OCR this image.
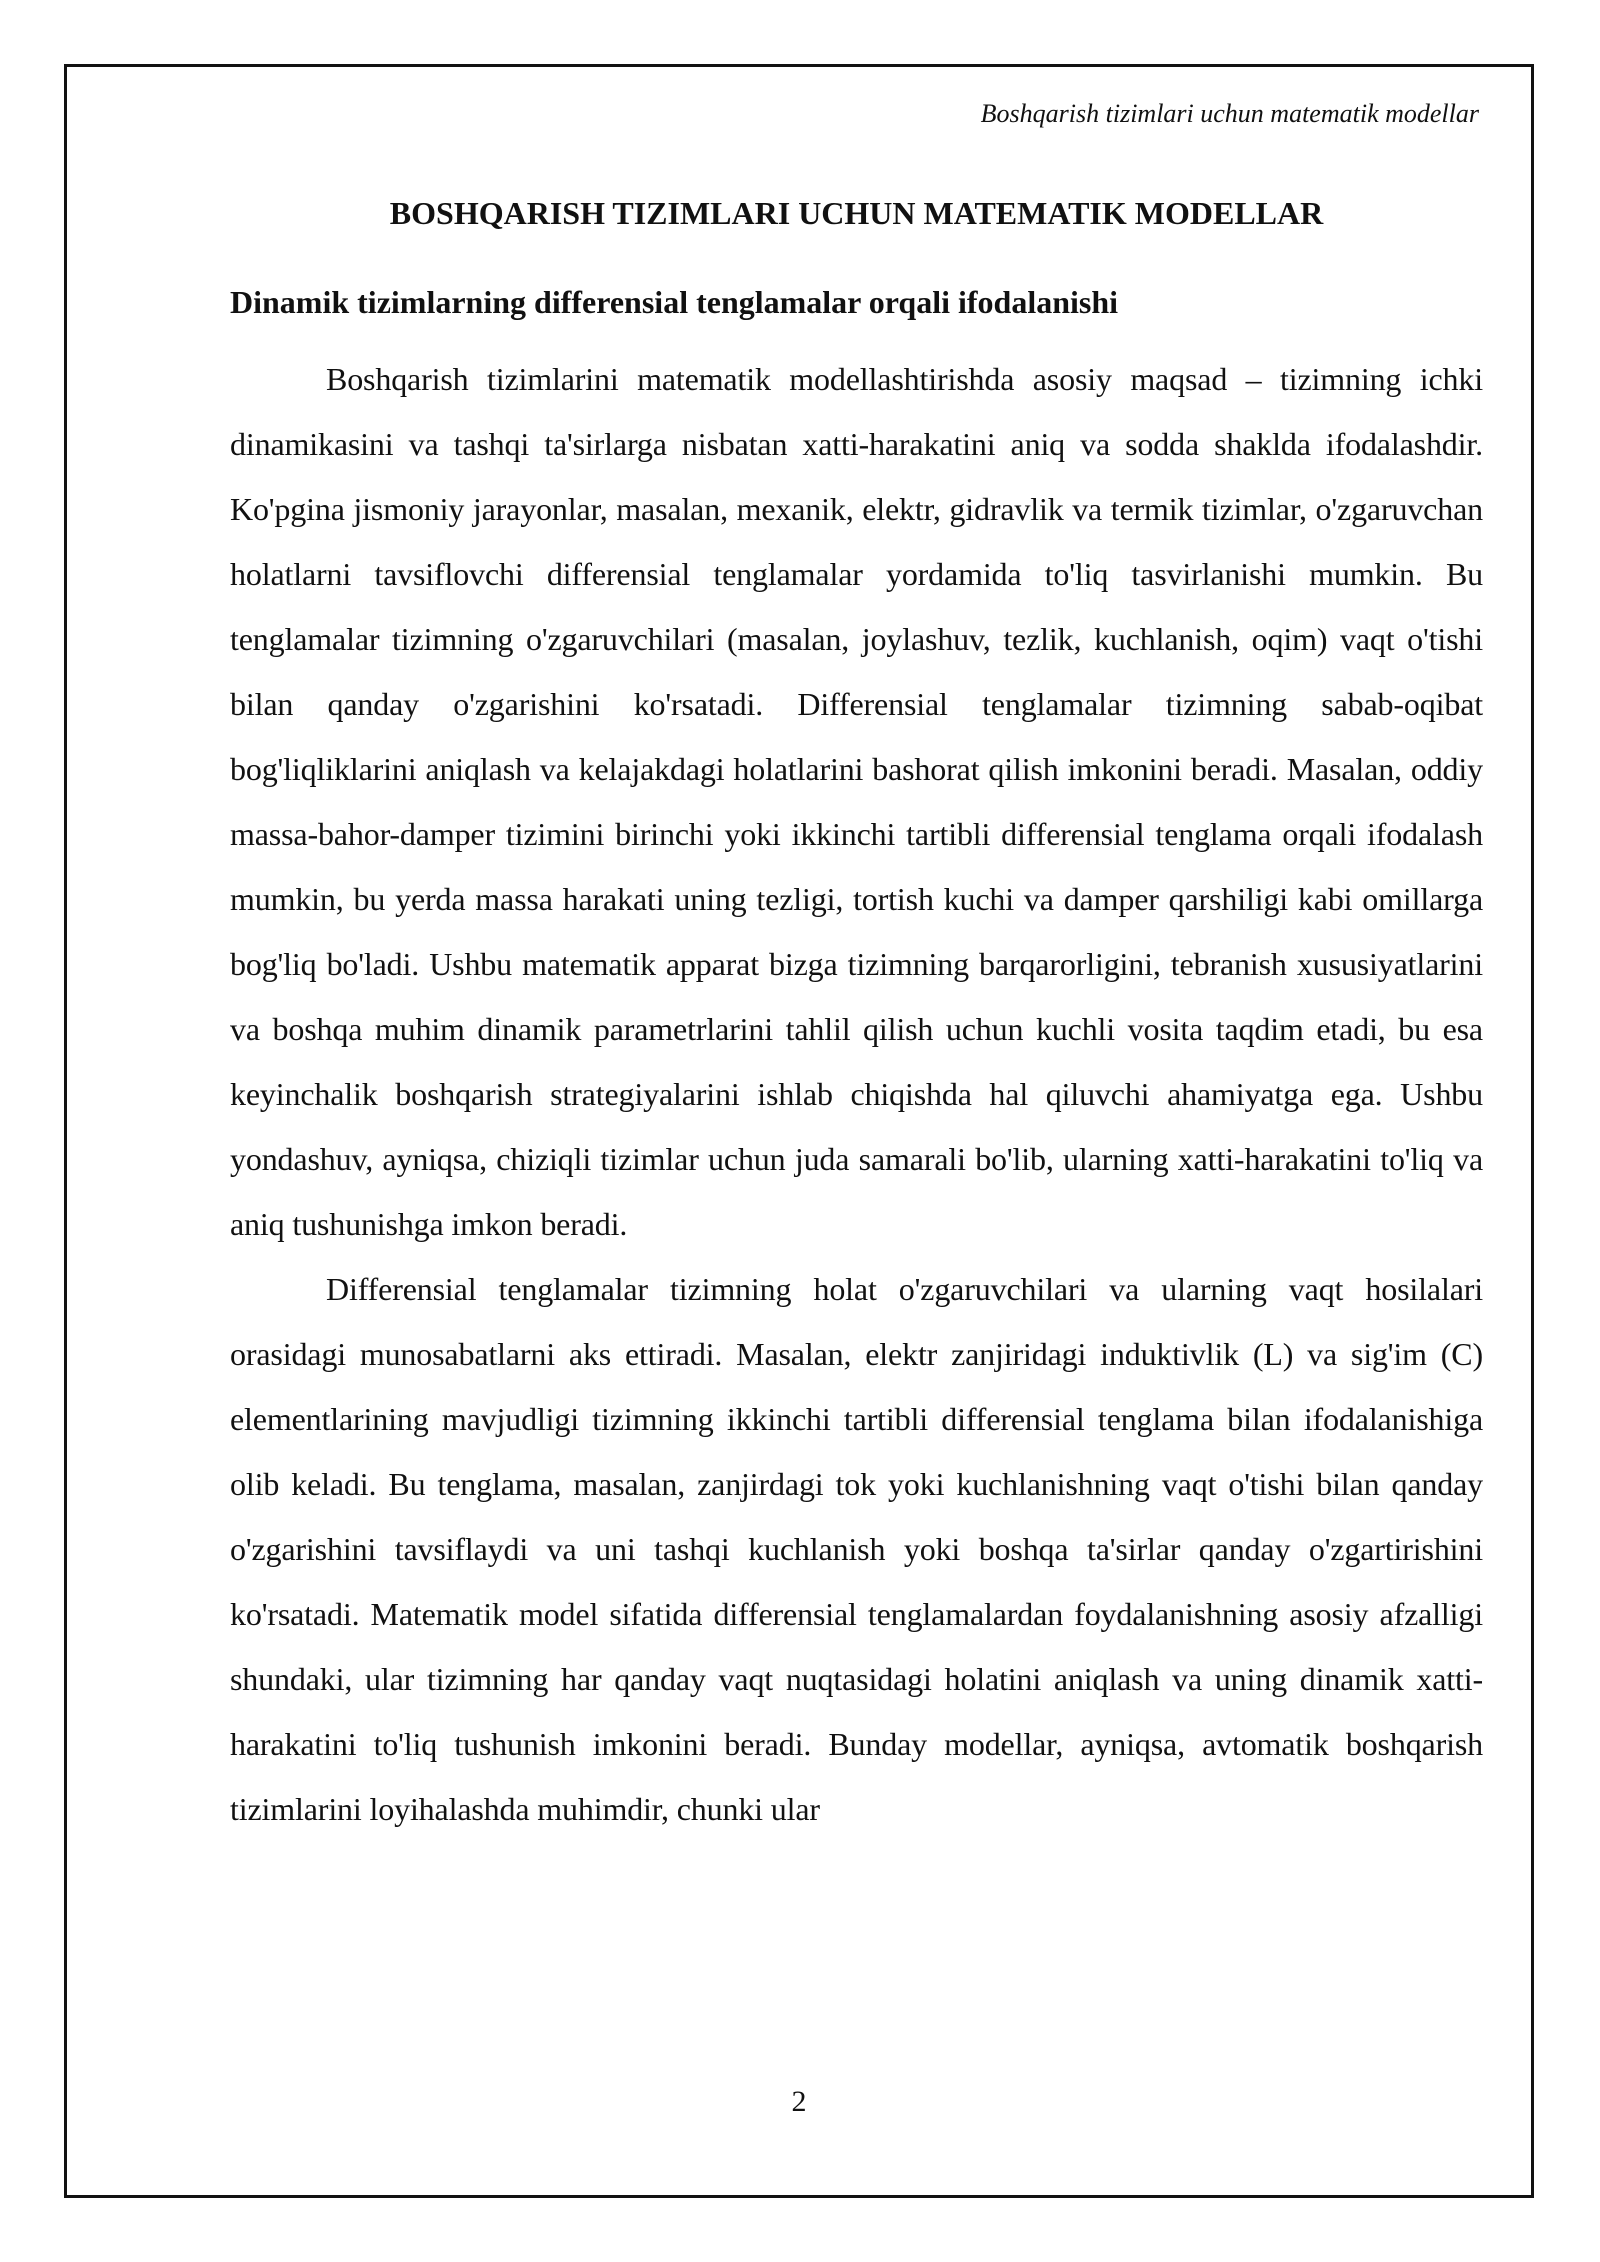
Boshqarish tizimlari uchun matematik modellar
BOSHQARISH TIZIMLARI UCHUN MATEMATIK MODELLAR
Dinamik tizimlarning differensial tenglamalar orqali ifodalanishi

Boshqarish tizimlarini matematik modellashtirishda asosiy maqsad – tizimning ichki dinamikasini va tashqi ta'sirlarga nisbatan xatti-harakatini aniq va sodda shaklda ifodalashdir. Ko'pgina jismoniy jarayonlar, masalan, mexanik, elektr, gidravlik va termik tizimlar, o'zgaruvchan holatlarni tavsiflovchi differensial tenglamalar yordamida to'liq tasvirlanishi mumkin. Bu tenglamalar tizimning o'zgaruvchilari (masalan, joylashuv, tezlik, kuchlanish, oqim) vaqt o'tishi bilan qanday o'zgarishini ko'rsatadi. Differensial tenglamalar tizimning sabab-oqibat bog'liqliklarini aniqlash va kelajakdagi holatlarini bashorat qilish imkonini beradi. Masalan, oddiy massa-bahor-damper tizimini birinchi yoki ikkinchi tartibli differensial tenglama orqali ifodalash mumkin, bu yerda massa harakati uning tezligi, tortish kuchi va damper qarshiligi kabi omillarga bog'liq bo'ladi. Ushbu matematik apparat bizga tizimning barqarorligini, tebranish xususiyatlarini va boshqa muhim dinamik parametrlarini tahlil qilish uchun kuchli vosita taqdim etadi, bu esa keyinchalik boshqarish strategiyalarini ishlab chiqishda hal qiluvchi ahamiyatga ega. Ushbu yondashuv, ayniqsa, chiziqli tizimlar uchun juda samarali bo'lib, ularning xatti-harakatini to'liq va aniq tushunishga imkon beradi.

Differensial tenglamalar tizimning holat o'zgaruvchilari va ularning vaqt hosilalari orasidagi munosabatlarni aks ettiradi. Masalan, elektr zanjiridagi induktivlik (L) va sig'im (C) elementlarining mavjudligi tizimning ikkinchi tartibli differensial tenglama bilan ifodalanishiga olib keladi. Bu tenglama, masalan, zanjirdagi tok yoki kuchlanishning vaqt o'tishi bilan qanday o'zgarishini tavsiflaydi va uni tashqi kuchlanish yoki boshqa ta'sirlar qanday o'zgartirishini ko'rsatadi. Matematik model sifatida differensial tenglamalardan foydalanishning asosiy afzalligi shundaki, ular tizimning har qanday vaqt nuqtasidagi holatini aniqlash va uning dinamik xatti-harakatini to'liq tushunish imkonini beradi. Bunday modellar, ayniqsa, avtomatik boshqarish tizimlarini loyihalashda muhimdir, chunki ular

2
